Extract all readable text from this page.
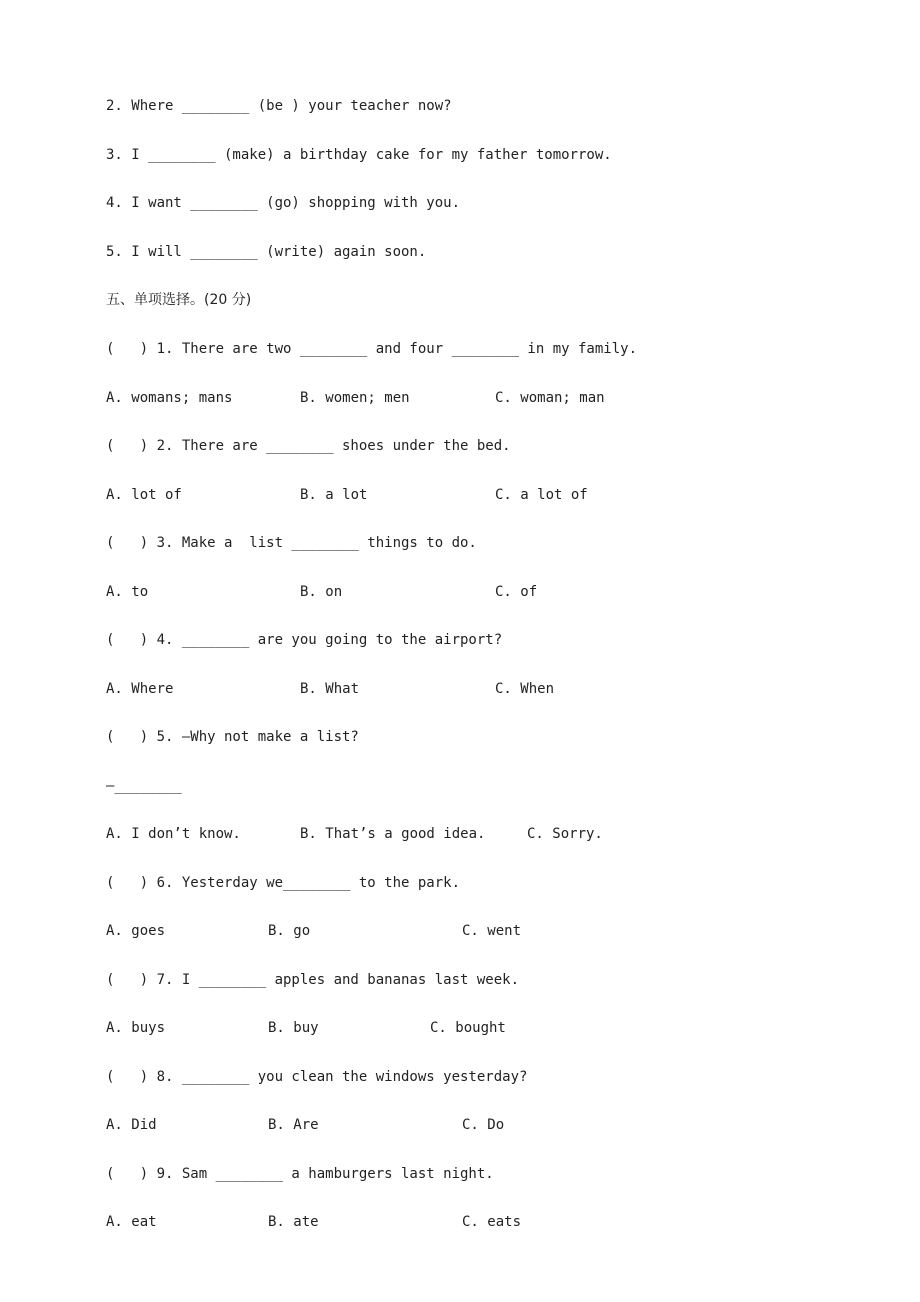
2. Where ________ (be ) your teacher now?
3. I ________ (make) a birthday cake for my father tomorrow.
4. I want ________ (go) shopping with you.
5. I will ________ (write) again soon.
五、单项选择。(20 分)
(   ) 1. There are two ________ and four ________ in my family.
A. womans; mans	B. women; men	C. woman; man
(   ) 2. There are ________ shoes under the bed.
A. lot of	B. a lot	C. a lot of
(   ) 3. Make a  list ________ things to do.
A. to	B. on	C. of
(   ) 4. ________ are you going to the airport?
A. Where	B. What	C. When
(   ) 5. —Why not make a list?
—________
A. I don’t know.	B. That’s a good idea.	C. Sorry.
(   ) 6. Yesterday we________ to the park.
A. goes	B. go	C. went
(   ) 7. I ________ apples and bananas last week.
A. buys	B. buy	C. bought
(   ) 8. ________ you clean the windows yesterday?
A. Did	B. Are	C. Do
(   ) 9. Sam ________ a hamburgers last night.
A. eat	B. ate	C. eats
